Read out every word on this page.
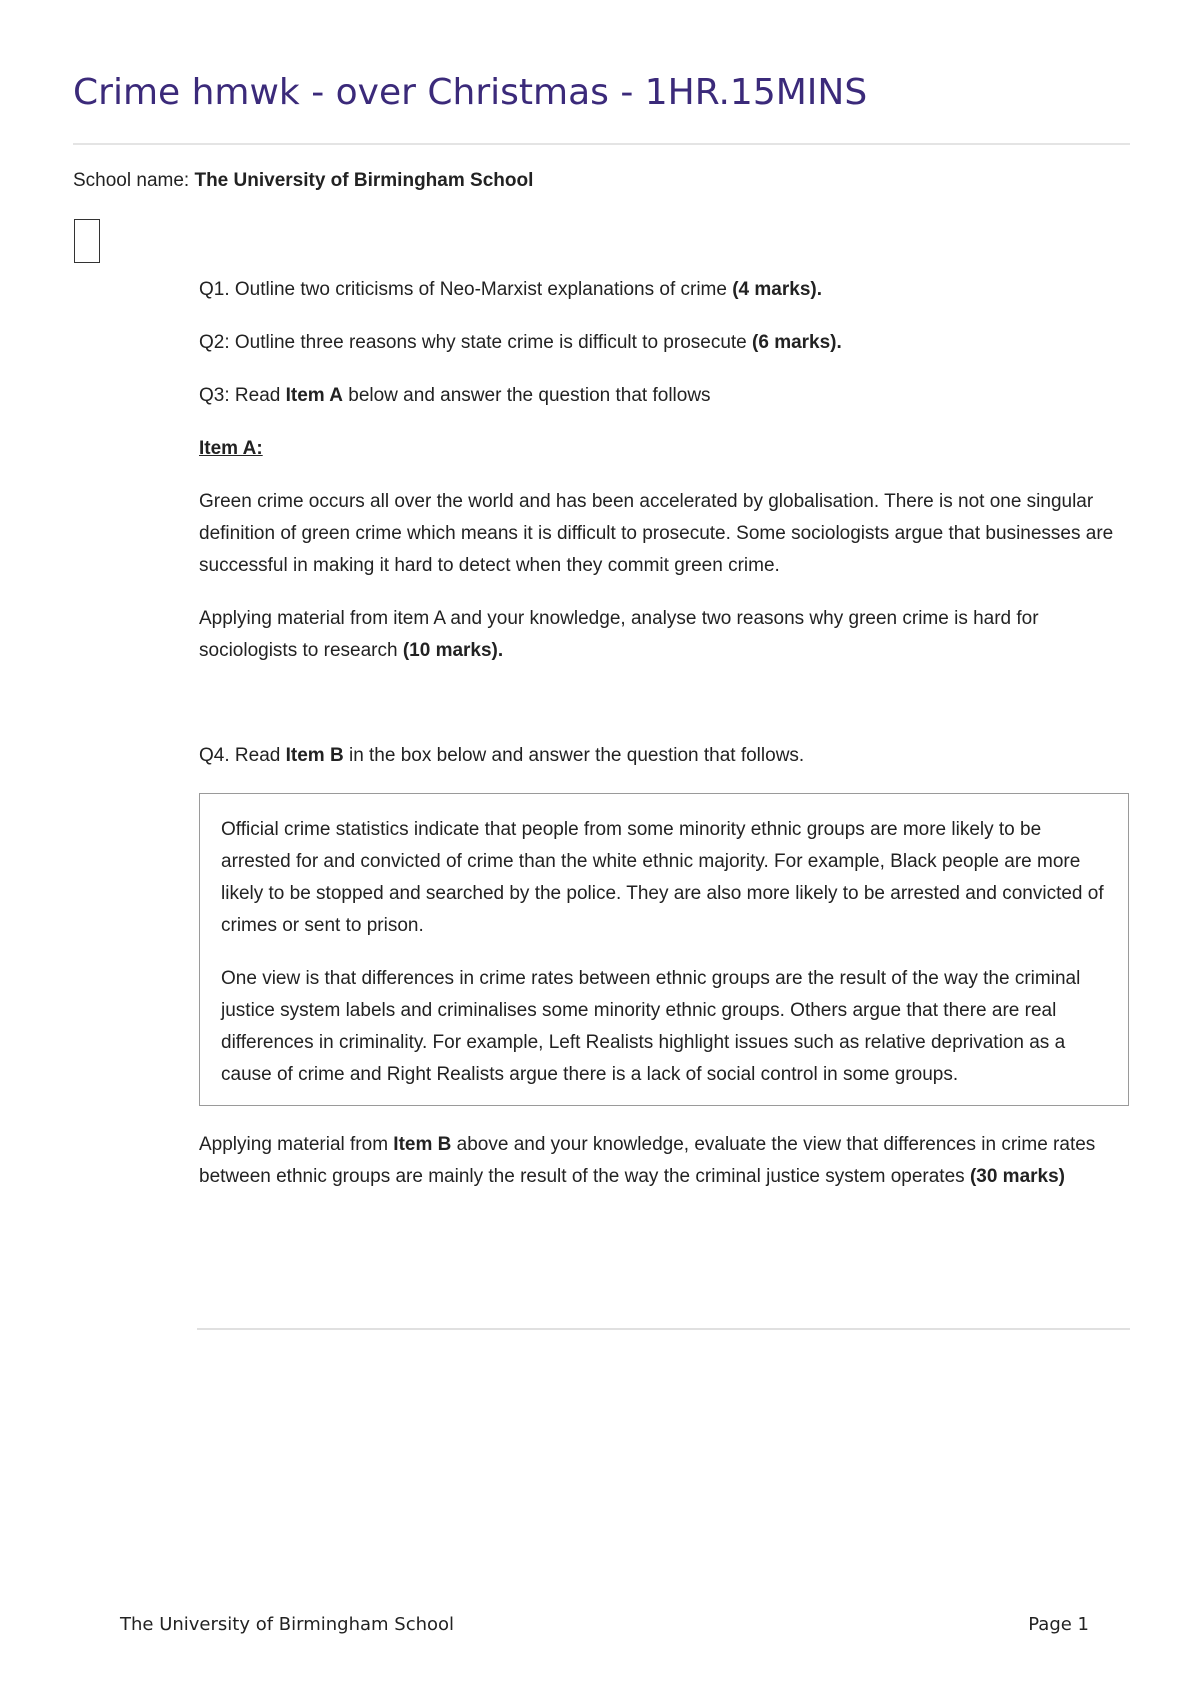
Crime hmwk - over Christmas - 1HR.15MINS
School name: The University of Birmingham School

Q1. Outline two criticisms of Neo-Marxist explanations of crime (4 marks).

Q2: Outline three reasons why state crime is difficult to prosecute (6 marks).

Q3: Read Item A below and answer the question that follows

Item A:

Green crime occurs all over the world and has been accelerated by globalisation. There is not one singular definition of green crime which means it is difficult to prosecute. Some sociologists argue that businesses are successful in making it hard to detect when they commit green crime.

Applying material from item A and your knowledge, analyse two reasons why green crime is hard for sociologists to research (10 marks).

Q4. Read Item B in the box below and answer the question that follows.

Official crime statistics indicate that people from some minority ethnic groups are more likely to be arrested for and convicted of crime than the white ethnic majority. For example, Black people are more likely to be stopped and searched by the police. They are also more likely to be arrested and convicted of crimes or sent to prison.

One view is that differences in crime rates between ethnic groups are the result of the way the criminal justice system labels and criminalises some minority ethnic groups. Others argue that there are real differences in criminality. For example, Left Realists highlight issues such as relative deprivation as a cause of crime and Right Realists argue there is a lack of social control in some groups.

Applying material from Item B above and your knowledge, evaluate the view that differences in crime rates between ethnic groups are mainly the result of the way the criminal justice system operates (30 marks)

The University of Birmingham School	Page 1
